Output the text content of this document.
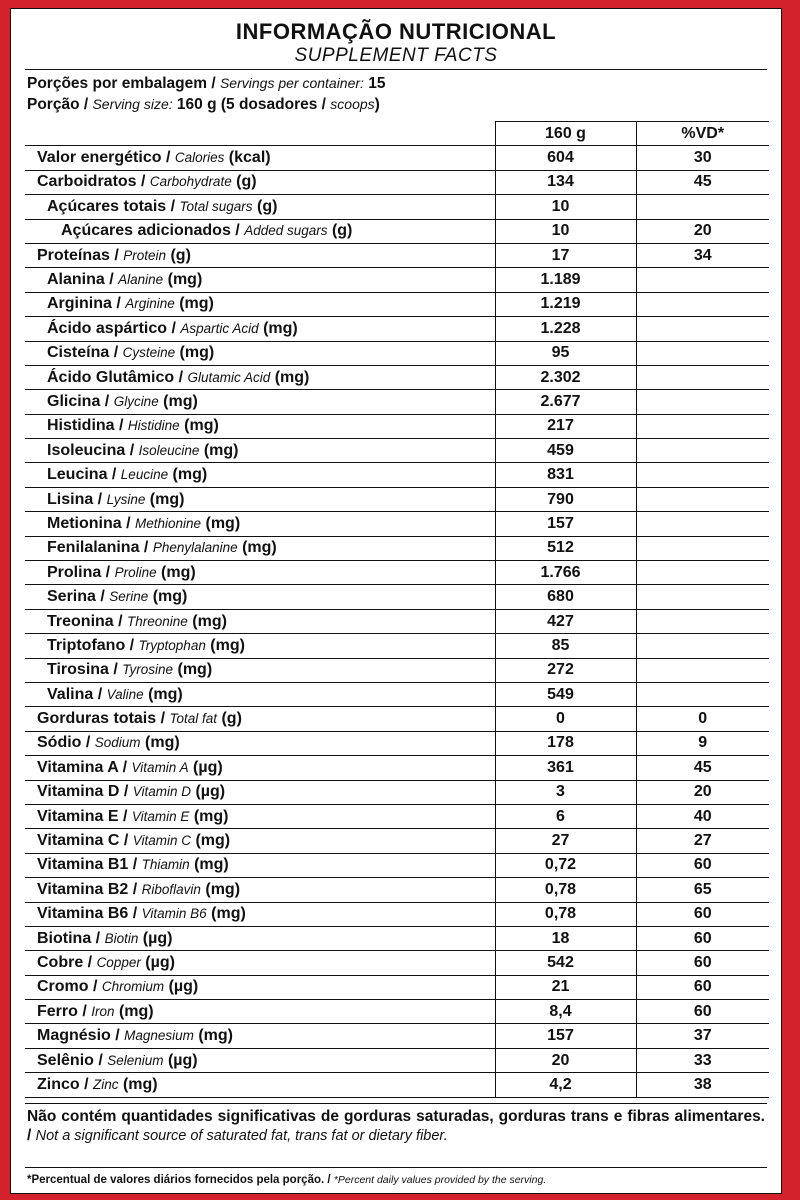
INFORMAÇÃO NUTRICIONAL
SUPPLEMENT FACTS
Porções por embalagem / Servings per container: 15
Porção / Serving size: 160 g (5 dosadores / scoops)
	160 g	%VD*
Valor energético / Calories (kcal)	604	30
Carboidratos / Carbohydrate (g)	134	45
Açúcares totais / Total sugars (g)	10	
Açúcares adicionados / Added sugars (g)	10	20
Proteínas / Protein (g)	17	34
Alanina / Alanine (mg)	1.189	
Arginina / Arginine (mg)	1.219	
Ácido aspártico / Aspartic Acid (mg)	1.228	
Cisteína / Cysteine (mg)	95	
Ácido Glutâmico / Glutamic Acid (mg)	2.302	
Glicina / Glycine (mg)	2.677	
Histidina / Histidine (mg)	217	
Isoleucina / Isoleucine (mg)	459	
Leucina / Leucine (mg)	831	
Lisina / Lysine (mg)	790	
Metionina / Methionine (mg)	157	
Fenilalanina / Phenylalanine (mg)	512	
Prolina / Proline (mg)	1.766	
Serina / Serine (mg)	680	
Treonina / Threonine (mg)	427	
Triptofano / Tryptophan (mg)	85	
Tirosina / Tyrosine (mg)	272	
Valina / Valine (mg)	549	
Gorduras totais / Total fat (g)	0	0
Sódio / Sodium (mg)	178	9
Vitamina A / Vitamin A (µg)	361	45
Vitamina D / Vitamin D (µg)	3	20
Vitamina E / Vitamin E (mg)	6	40
Vitamina C / Vitamin C (mg)	27	27
Vitamina B1 / Thiamin (mg)	0,72	60
Vitamina B2 / Riboflavin (mg)	0,78	65
Vitamina B6 / Vitamin B6 (mg)	0,78	60
Biotina / Biotin (µg)	18	60
Cobre / Copper (µg)	542	60
Cromo / Chromium (µg)	21	60
Ferro / Iron (mg)	8,4	60
Magnésio / Magnesium (mg)	157	37
Selênio / Selenium (µg)	20	33
Zinco / Zinc (mg)	4,2	38
Não contém quantidades significativas de gorduras saturadas, gorduras trans e fibras alimentares. / Not a significant source of saturated fat, trans fat or dietary fiber.
*Percentual de valores diários fornecidos pela porção. / *Percent daily values provided by the serving.
